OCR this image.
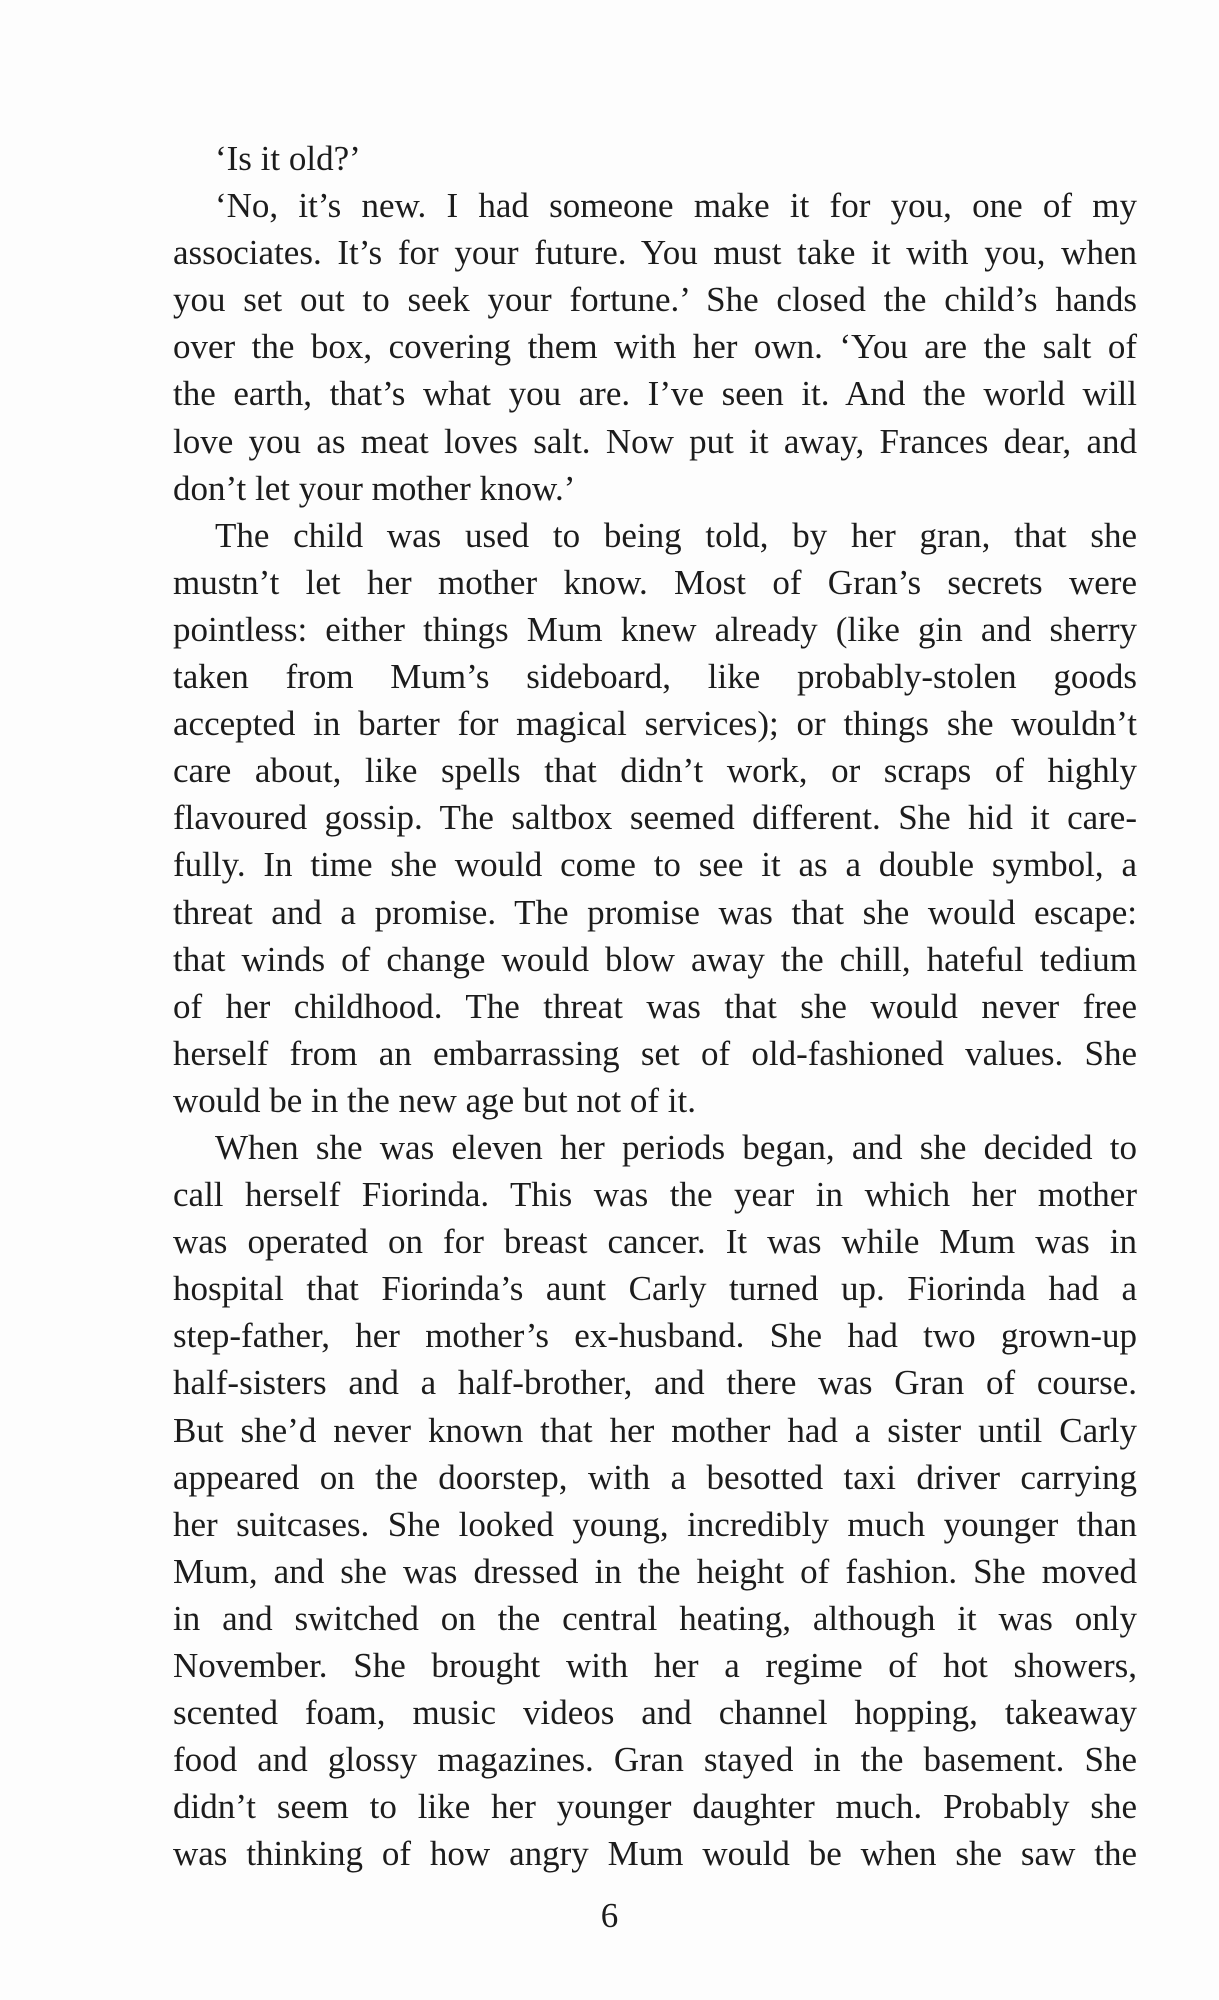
‘Is it old?’
‘No, it’s new. I had someone make it for you, one of my
associates. It’s for your future. You must take it with you, when
you set out to seek your fortune.’ She closed the child’s hands
over the box, covering them with her own. ‘You are the salt of
the earth, that’s what you are. I’ve seen it. And the world will
love you as meat loves salt. Now put it away, Frances dear, and
don’t let your mother know.’
The child was used to being told, by her gran, that she
mustn’t let her mother know. Most of Gran’s secrets were
pointless: either things Mum knew already (like gin and sherry
taken from Mum’s sideboard, like probably-stolen goods
accepted in barter for magical services); or things she wouldn’t
care about, like spells that didn’t work, or scraps of highly
flavoured gossip. The saltbox seemed different. She hid it care-
fully. In time she would come to see it as a double symbol, a
threat and a promise. The promise was that she would escape:
that winds of change would blow away the chill, hateful tedium
of her childhood. The threat was that she would never free
herself from an embarrassing set of old-fashioned values. She
would be in the new age but not of it.
When she was eleven her periods began, and she decided to
call herself Fiorinda. This was the year in which her mother
was operated on for breast cancer. It was while Mum was in
hospital that Fiorinda’s aunt Carly turned up. Fiorinda had a
step-father, her mother’s ex-husband. She had two grown-up
half-sisters and a half-brother, and there was Gran of course.
But she’d never known that her mother had a sister until Carly
appeared on the doorstep, with a besotted taxi driver carrying
her suitcases. She looked young, incredibly much younger than
Mum, and she was dressed in the height of fashion. She moved
in and switched on the central heating, although it was only
November. She brought with her a regime of hot showers,
scented foam, music videos and channel hopping, takeaway
food and glossy magazines. Gran stayed in the basement. She
didn’t seem to like her younger daughter much. Probably she
was thinking of how angry Mum would be when she saw the
6
